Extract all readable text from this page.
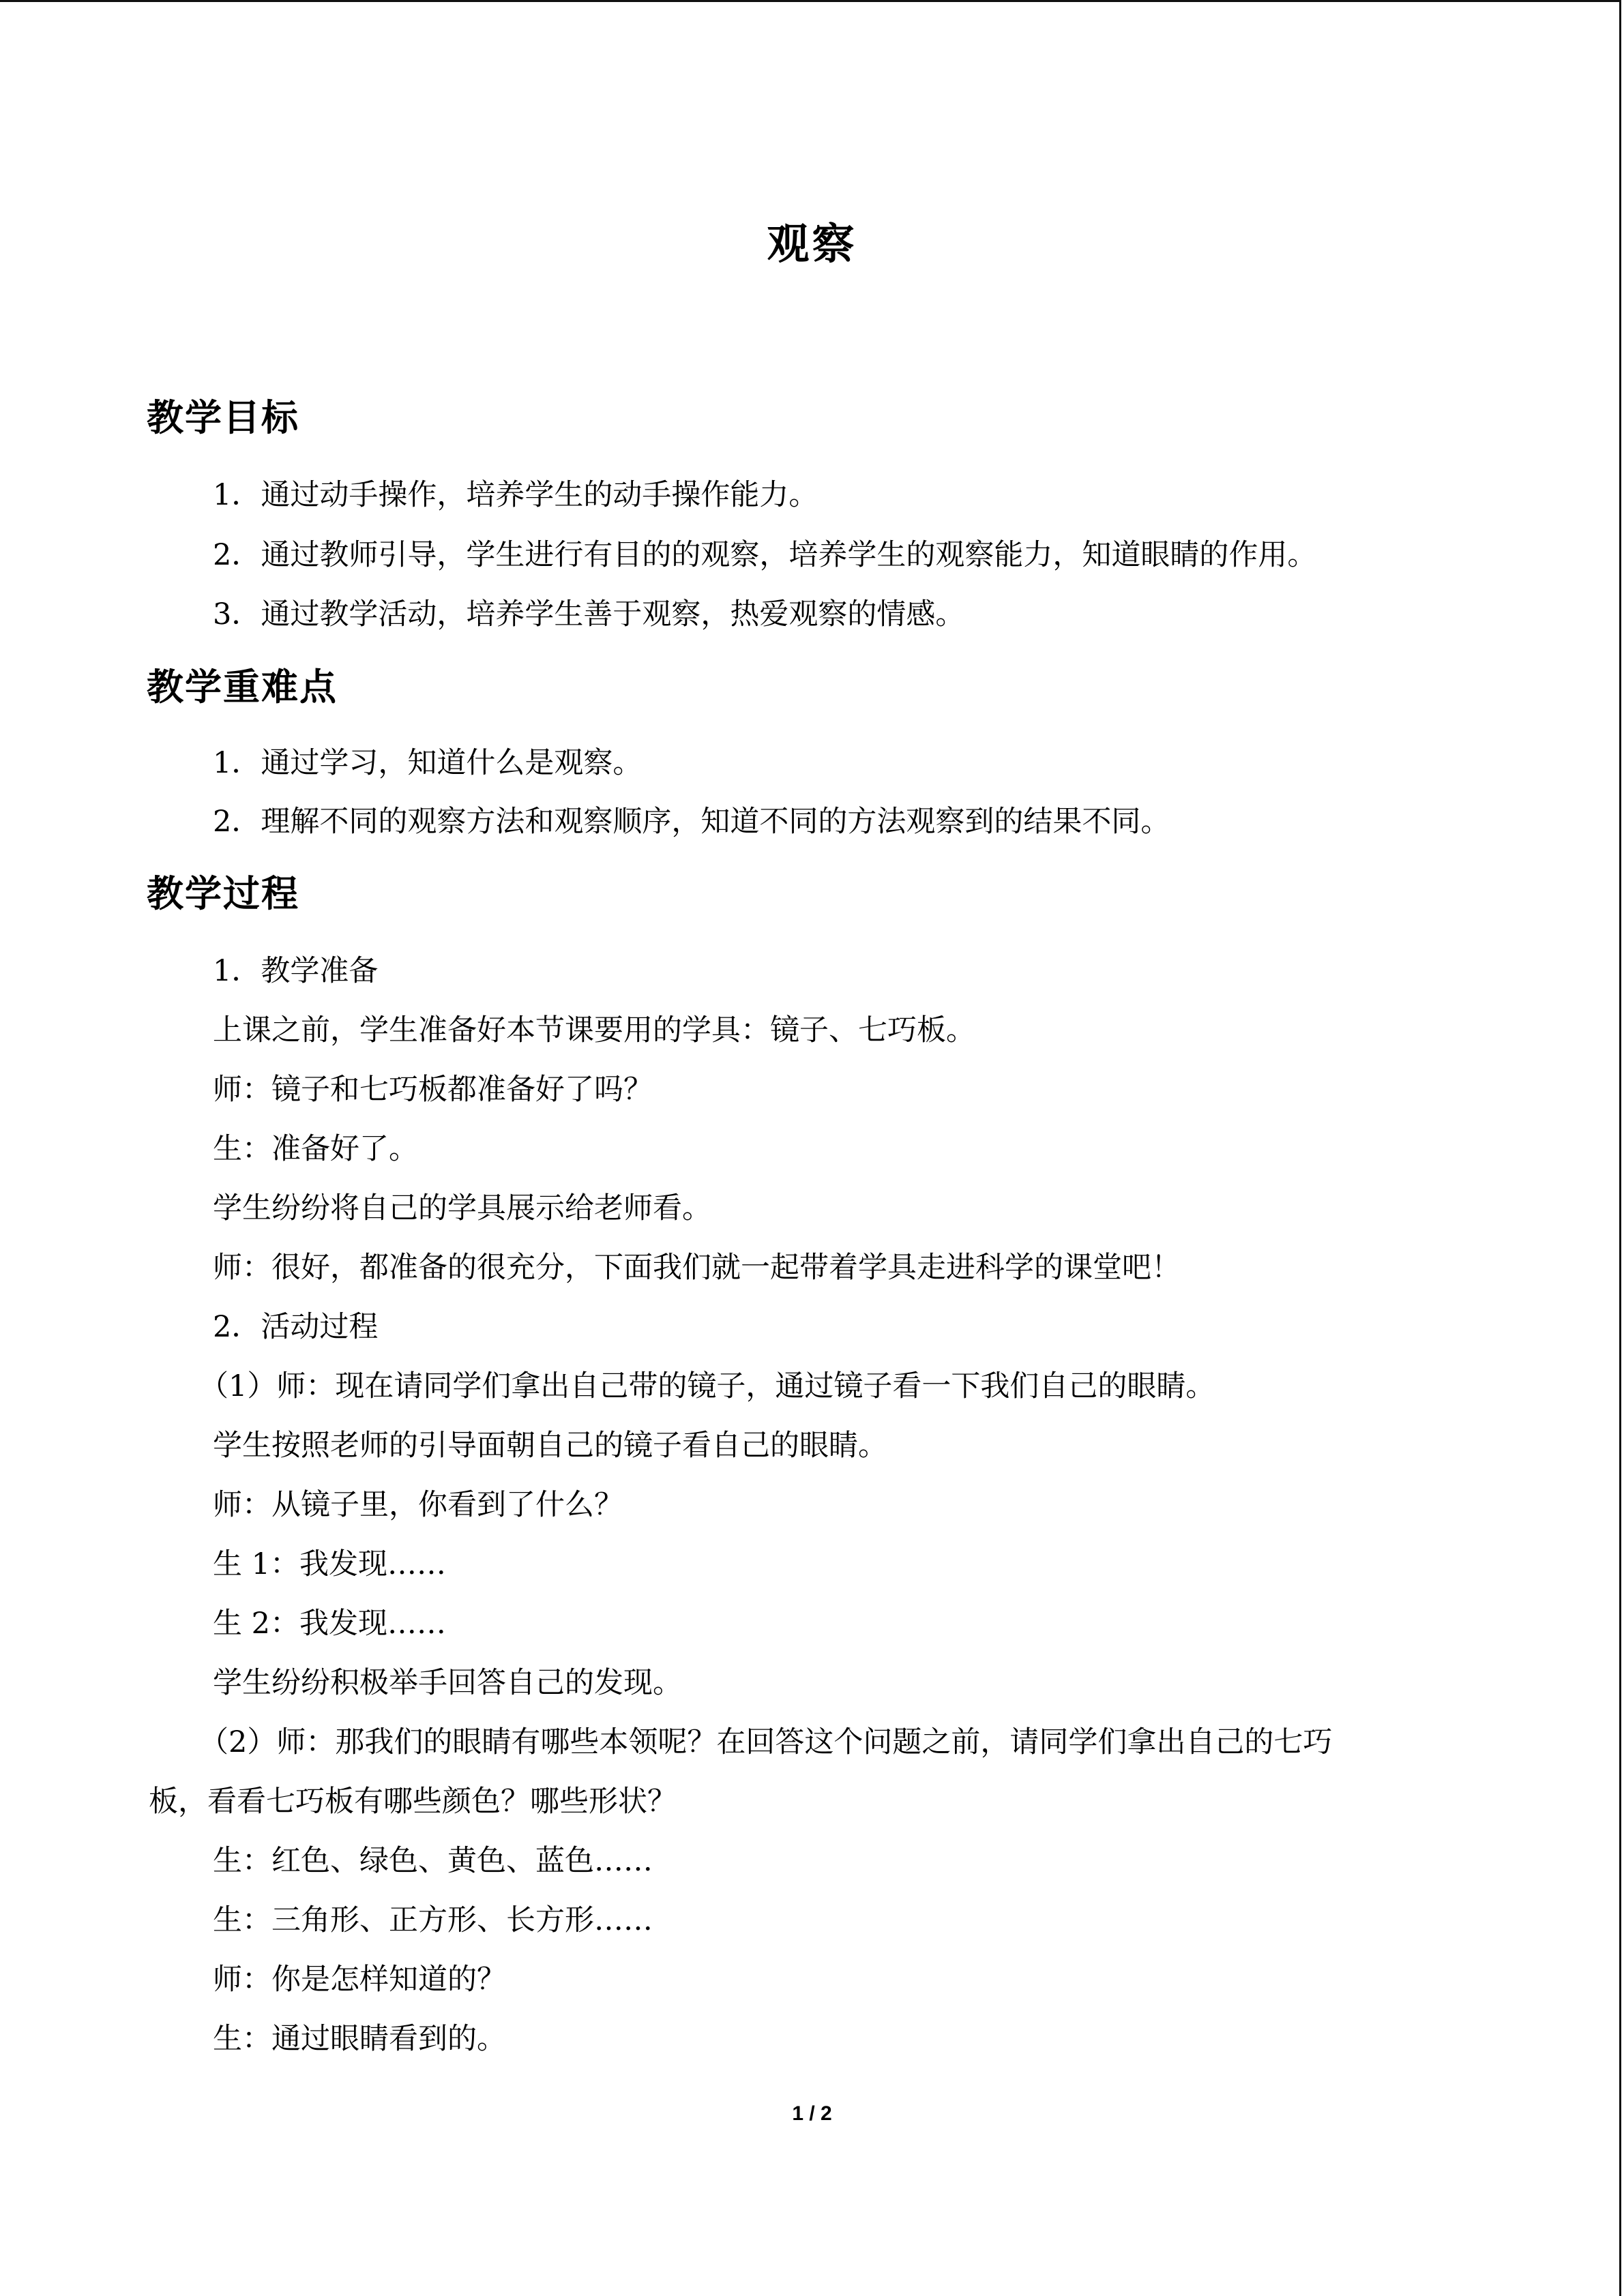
观察
教学目标
1．通过动手操作，培养学生的动手操作能力。
2．通过教师引导，学生进行有目的的观察，培养学生的观察能力，知道眼睛的作用。
3．通过教学活动，培养学生善于观察，热爱观察的情感。
教学重难点
1．通过学习，知道什么是观察。
2．理解不同的观察方法和观察顺序，知道不同的方法观察到的结果不同。
教学过程
1．教学准备
上课之前，学生准备好本节课要用的学具：镜子、七巧板。
师：镜子和七巧板都准备好了吗？
生：准备好了。
学生纷纷将自己的学具展示给老师看。
师：很好，都准备的很充分，下面我们就一起带着学具走进科学的课堂吧！
2．活动过程
（1）师：现在请同学们拿出自己带的镜子，通过镜子看一下我们自己的眼睛。
学生按照老师的引导面朝自己的镜子看自己的眼睛。
师：从镜子里，你看到了什么？
生 1：我发现……
生 2：我发现……
学生纷纷积极举手回答自己的发现。
（2）师：那我们的眼睛有哪些本领呢？在回答这个问题之前，请同学们拿出自己的七巧
板，看看七巧板有哪些颜色？哪些形状？
生：红色、绿色、黄色、蓝色……
生：三角形、正方形、长方形……
师：你是怎样知道的？
生：通过眼睛看到的。
1 / 2
